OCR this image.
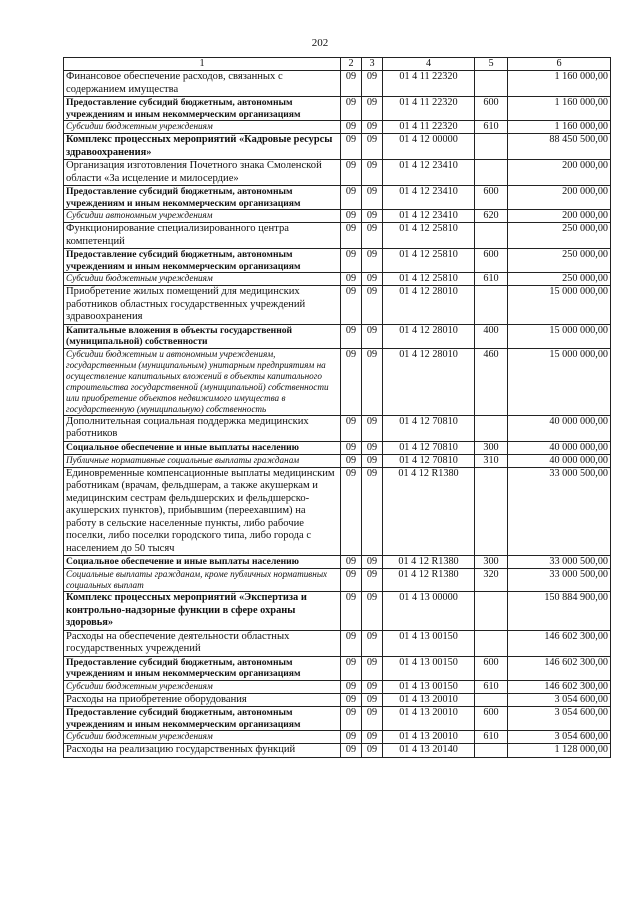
202
1	2	3	4	5	6
Финансовое обеспечение расходов, связанных с содержанием имущества	09	09	01 4 11 22320		1 160 000,00
Предоставление субсидий бюджетным, автономным учреждениям и иным некоммерческим организациям	09	09	01 4 11 22320	600	1 160 000,00
Субсидии бюджетным учреждениям	09	09	01 4 11 22320	610	1 160 000,00
Комплекс процессных мероприятий «Кадровые ресурсы здравоохранения»	09	09	01 4 12 00000		88 450 500,00
Организация изготовления Почетного знака Смоленской области «За исцеление и милосердие»	09	09	01 4 12 23410		200 000,00
Предоставление субсидий бюджетным, автономным учреждениям и иным некоммерческим организациям	09	09	01 4 12 23410	600	200 000,00
Субсидии автономным учреждениям	09	09	01 4 12 23410	620	200 000,00
Функционирование специализированного центра компетенций	09	09	01 4 12 25810		250 000,00
Предоставление субсидий бюджетным, автономным учреждениям и иным некоммерческим организациям	09	09	01 4 12 25810	600	250 000,00
Субсидии бюджетным учреждениям	09	09	01 4 12 25810	610	250 000,00
Приобретение жилых помещений для медицинских работников областных государственных учреждений здравоохранения	09	09	01 4 12 28010		15 000 000,00
Капитальные вложения в объекты государственной (муниципальной) собственности	09	09	01 4 12 28010	400	15 000 000,00
Субсидии бюджетным и автономным учреждениям, государственным (муниципальным) унитарным предприятиям на осуществление капитальных вложений в объекты капитального строительства государственной (муниципальной) собственности или приобретение объектов недвижимого имущества в государственную (муниципальную) собственность	09	09	01 4 12 28010	460	15 000 000,00
Дополнительная социальная поддержка медицинских работников	09	09	01 4 12 70810		40 000 000,00
Социальное обеспечение и иные выплаты населению	09	09	01 4 12 70810	300	40 000 000,00
Публичные нормативные социальные выплаты гражданам	09	09	01 4 12 70810	310	40 000 000,00
Единовременные компенсационные выплаты медицинским работникам (врачам, фельдшерам, а также акушеркам и медицинским сестрам фельдшерских и фельдшерско-акушерских пунктов), прибывшим (переехавшим) на работу в сельские населенные пункты, либо рабочие поселки, либо поселки городского типа, либо города с населением до 50 тысяч	09	09	01 4 12 R1380		33 000 500,00
Социальное обеспечение и иные выплаты населению	09	09	01 4 12 R1380	300	33 000 500,00
Социальные выплаты гражданам, кроме публичных нормативных социальных выплат	09	09	01 4 12 R1380	320	33 000 500,00
Комплекс процессных мероприятий «Экспертиза и контрольно-надзорные функции в сфере охраны здоровья»	09	09	01 4 13 00000		150 884 900,00
Расходы на обеспечение деятельности областных государственных учреждений	09	09	01 4 13 00150		146 602 300,00
Предоставление субсидий бюджетным, автономным учреждениям и иным некоммерческим организациям	09	09	01 4 13 00150	600	146 602 300,00
Субсидии бюджетным учреждениям	09	09	01 4 13 00150	610	146 602 300,00
Расходы на приобретение оборудования	09	09	01 4 13 20010		3 054 600,00
Предоставление субсидий бюджетным, автономным учреждениям и иным некоммерческим организациям	09	09	01 4 13 20010	600	3 054 600,00
Субсидии бюджетным учреждениям	09	09	01 4 13 20010	610	3 054 600,00
Расходы на реализацию государственных функций	09	09	01 4 13 20140		1 128 000,00
